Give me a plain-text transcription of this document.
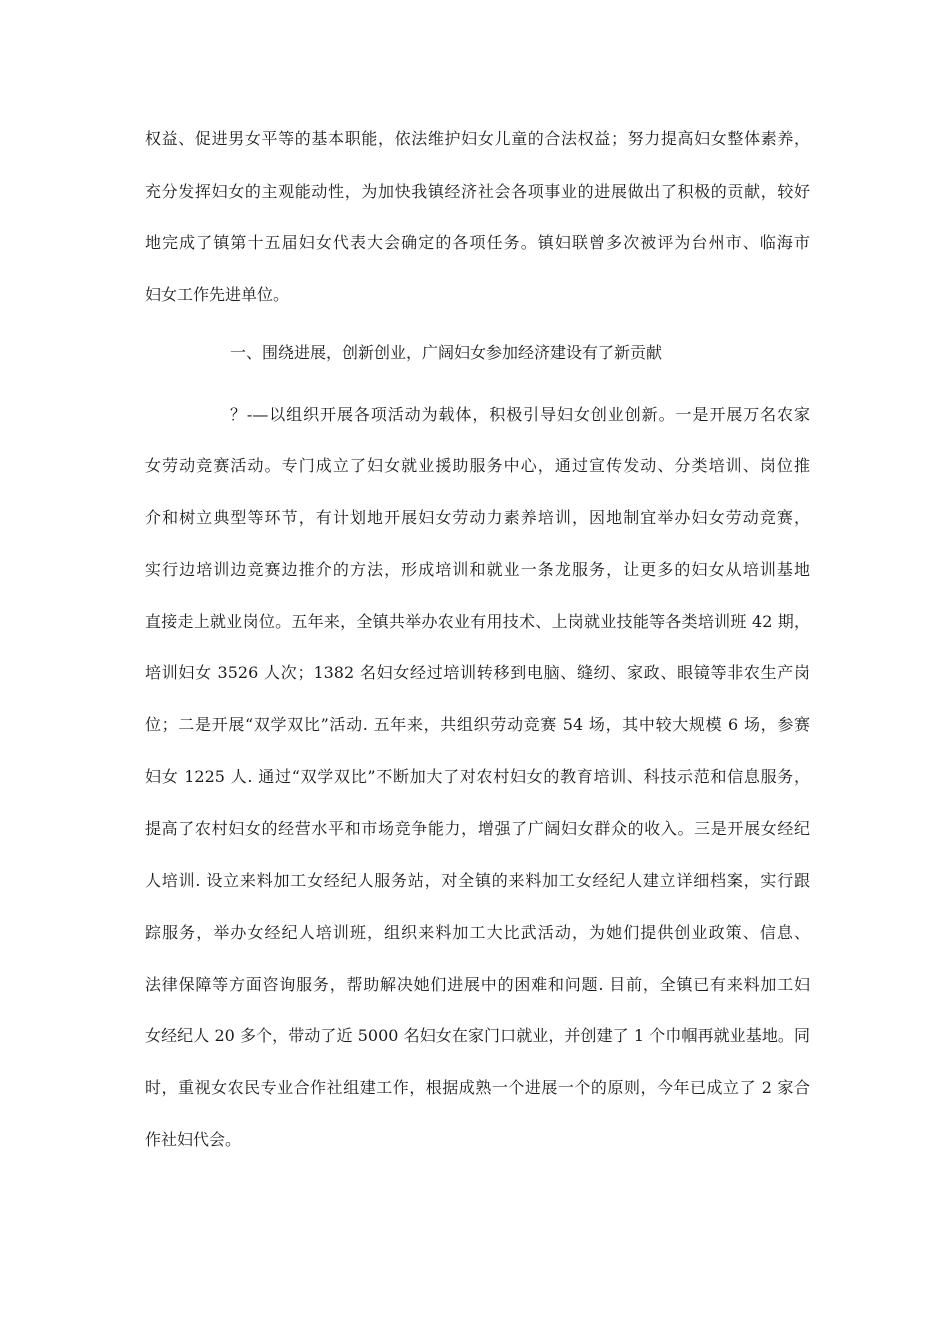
权益、促进男女平等的基本职能，依法维护妇女儿童的合法权益；努力提高妇女整体素养，
充分发挥妇女的主观能动性，为加快我镇经济社会各项事业的进展做出了积极的贡献，较好
地完成了镇第十五届妇女代表大会确定的各项任务。镇妇联曾多次被评为台州市、临海市
妇女工作先进单位。
一、围绕进展，创新创业，广阔妇女参加经济建设有了新贡献
？-—以组织开展各项活动为载体，积极引导妇女创业创新。一是开展万名农家
女劳动竞赛活动。专门成立了妇女就业援助服务中心，通过宣传发动、分类培训、岗位推
介和树立典型等环节，有计划地开展妇女劳动力素养培训，因地制宜举办妇女劳动竞赛，
实行边培训边竞赛边推介的方法，形成培训和就业一条龙服务，让更多的妇女从培训基地
直接走上就业岗位。五年来，全镇共举办农业有用技术、上岗就业技能等各类培训班 42 期，
培训妇女 3526 人次；1382 名妇女经过培训转移到电脑、缝纫、家政、眼镜等非农生产岗
位；二是开展“双学双比”活动. 五年来，共组织劳动竞赛 54 场，其中较大规模 6 场，参赛
妇女 1225 人. 通过“双学双比”不断加大了对农村妇女的教育培训、科技示范和信息服务，
提高了农村妇女的经营水平和市场竞争能力，增强了广阔妇女群众的收入。三是开展女经纪
人培训. 设立来料加工女经纪人服务站，对全镇的来料加工女经纪人建立详细档案，实行跟
踪服务，举办女经纪人培训班，组织来料加工大比武活动，为她们提供创业政策、信息、
法律保障等方面咨询服务，帮助解决她们进展中的困难和问题. 目前，全镇已有来料加工妇
女经纪人 20 多个，带动了近 5000 名妇女在家门口就业，并创建了 1 个巾帼再就业基地。同
时，重视女农民专业合作社组建工作，根据成熟一个进展一个的原则，今年已成立了 2 家合
作社妇代会。
